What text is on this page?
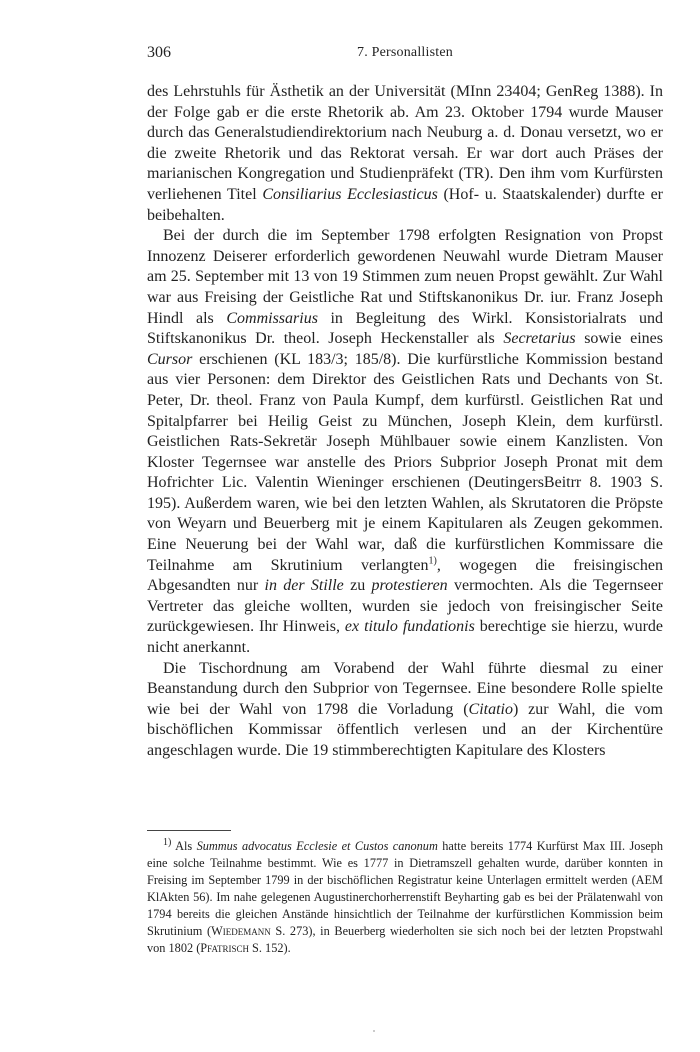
306	7. Personallisten

des Lehrstuhls für Ästhetik an der Universität (MInn 23404; GenReg 1388). In der Folge gab er die erste Rhetorik ab. Am 23. Oktober 1794 wurde Mauser durch das Generalstudiendirektorium nach Neuburg a. d. Donau versetzt, wo er die zweite Rhetorik und das Rektorat versah. Er war dort auch Präses der marianischen Kongregation und Studienpräfekt (TR). Den ihm vom Kurfürsten verliehenen Titel Consiliarius Ecclesiasticus (Hof- u. Staatskalender) durfte er beibehalten.

Bei der durch die im September 1798 erfolgten Resignation von Propst Innozenz Deiserer erforderlich gewordenen Neuwahl wurde Dietram Mauser am 25. September mit 13 von 19 Stimmen zum neuen Propst gewählt. Zur Wahl war aus Freising der Geistliche Rat und Stiftskanonikus Dr. iur. Franz Joseph Hindl als Commissarius in Begleitung des Wirkl. Konsistorialrats und Stiftskanonikus Dr. theol. Joseph Heckenstaller als Secretarius sowie eines Cursor erschienen (KL 183/3; 185/8). Die kurfürstliche Kommission bestand aus vier Personen: dem Direktor des Geistlichen Rats und Dechants von St. Peter, Dr. theol. Franz von Paula Kumpf, dem kurfürstl. Geistlichen Rat und Spitalpfarrer bei Heilig Geist zu München, Joseph Klein, dem kurfürstl. Geistlichen Rats-Sekretär Joseph Mühlbauer sowie einem Kanzlisten. Von Kloster Tegernsee war anstelle des Priors Subprior Joseph Pronat mit dem Hofrichter Lic. Valentin Wieninger erschienen (DeutingersBeitrr 8. 1903 S. 195). Außerdem waren, wie bei den letzten Wahlen, als Skrutatoren die Pröpste von Weyarn und Beuerberg mit je einem Kapitularen als Zeugen gekommen. Eine Neuerung bei der Wahl war, daß die kurfürstlichen Kommissare die Teilnahme am Skrutinium verlangten$^{1)}$, wogegen die freisingischen Abgesandten nur in der Stille zu protestieren vermochten. Als die Tegernseer Vertreter das gleiche wollten, wurden sie jedoch von freisingischer Seite zurückgewiesen. Ihr Hinweis, ex titulo fundationis berechtige sie hierzu, wurde nicht anerkannt.

Die Tischordnung am Vorabend der Wahl führte diesmal zu einer Beanstandung durch den Subprior von Tegernsee. Eine besondere Rolle spielte wie bei der Wahl von 1798 die Vorladung (Citatio) zur Wahl, die vom bischöflichen Kommissar öffentlich verlesen und an der Kirchentüre angeschlagen wurde. Die 19 stimmberechtigten Kapitulare des Klosters

$^{1)}$ Als Summus advocatus Ecclesie et Custos canonum hatte bereits 1774 Kurfürst Max III. Joseph eine solche Teilnahme bestimmt. Wie es 1777 in Dietramszell gehalten wurde, darüber konnten in Freising im September 1799 in der bischöflichen Registratur keine Unterlagen ermittelt werden (AEM KlAkten 56). Im nahe gelegenen Augustinerchorherrenstift Beyharting gab es bei der Prälatenwahl von 1794 bereits die gleichen Anstände hinsichtlich der Teilnahme der kurfürstlichen Kommission beim Skrutinium (Wiedemann S. 273), in Beuerberg wiederholten sie sich noch bei der letzten Propstwahl von 1802 (Pfatrisch S. 152).
